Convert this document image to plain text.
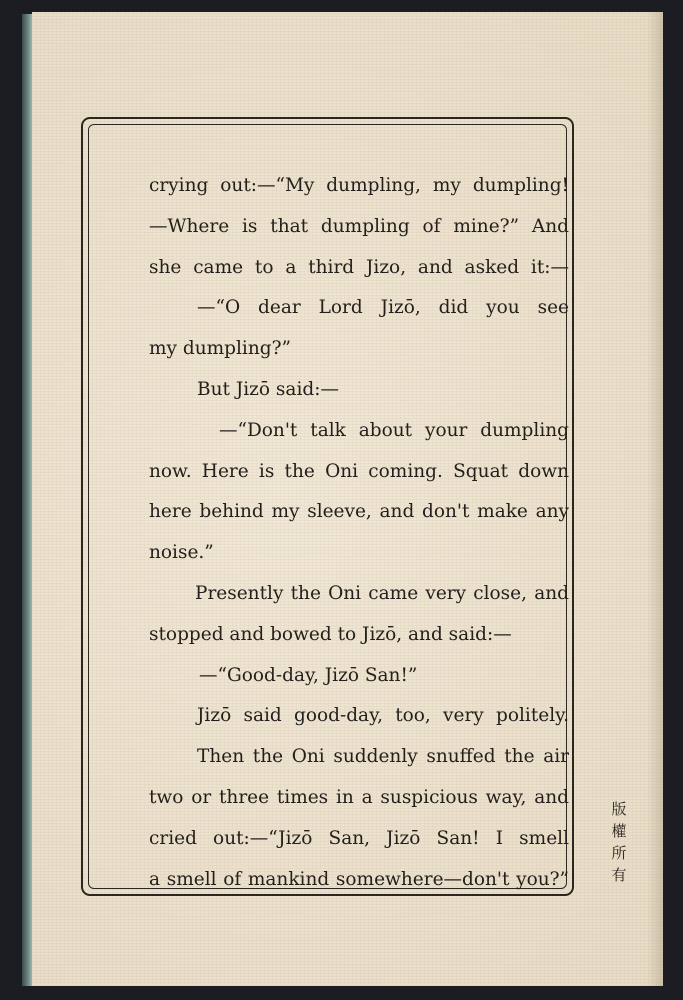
crying out:—“My dumpling, my dumpling!
—Where is that dumpling of mine?” And
she came to a third Jizo, and asked it:—
—“O dear Lord Jizō, did you see
my dumpling?”
But Jizō said:—
—“Don't talk about your dumpling
now. Here is the Oni coming. Squat down
here behind my sleeve, and don't make any
noise.”
Presently the Oni came very close, and
stopped and bowed to Jizō, and said:—
—“Good-day, Jizō San!”
Jizō said good-day, too, very politely.
Then the Oni suddenly snuffed the air
two or three times in a suspicious way, and
cried out:—“Jizō San, Jizō San! I smell
a smell of mankind somewhere—don't you?”
版
權
所
有
